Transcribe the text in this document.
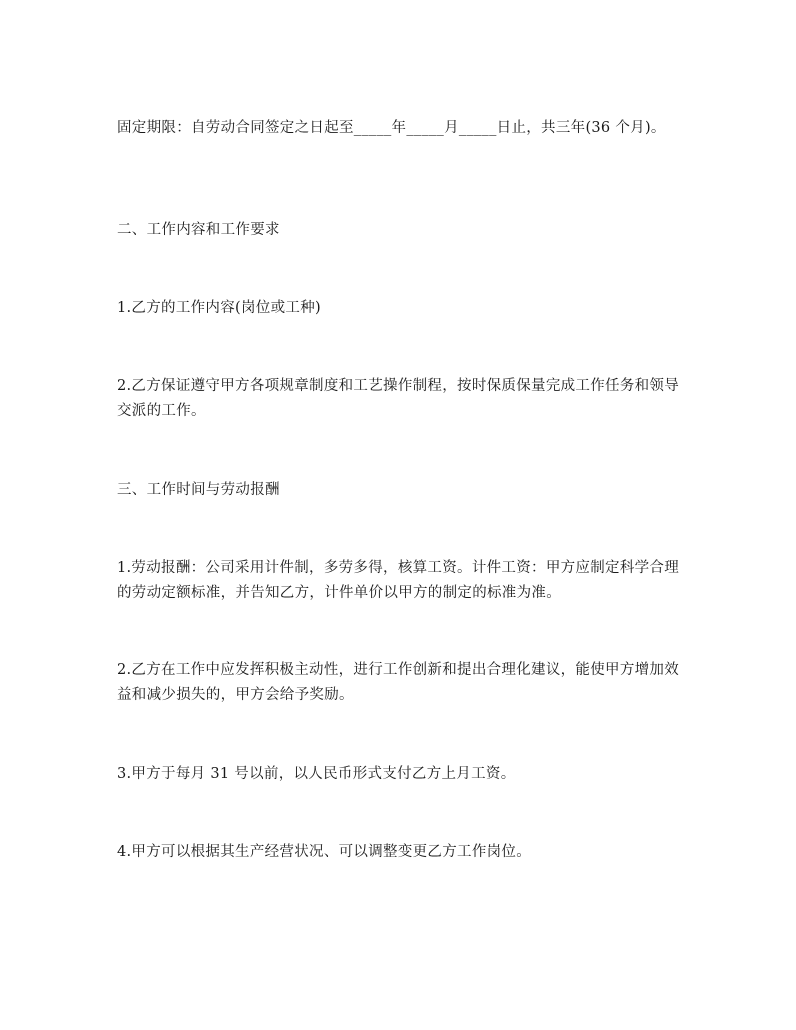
固定期限：自劳动合同签定之日起至_____年_____月_____日止，共三年(36 个月)。

二、工作内容和工作要求

1.乙方的工作内容(岗位或工种)

2.乙方保证遵守甲方各项规章制度和工艺操作制程，按时保质保量完成工作任务和领导交派的工作。

三、工作时间与劳动报酬

1.劳动报酬：公司采用计件制，多劳多得，核算工资。计件工资：甲方应制定科学合理的劳动定额标准，并告知乙方，计件单价以甲方的制定的标准为准。

2.乙方在工作中应发挥积极主动性，进行工作创新和提出合理化建议，能使甲方增加效益和减少损失的，甲方会给予奖励。

3.甲方于每月 31 号以前，以人民币形式支付乙方上月工资。

4.甲方可以根据其生产经营状况、可以调整变更乙方工作岗位。
